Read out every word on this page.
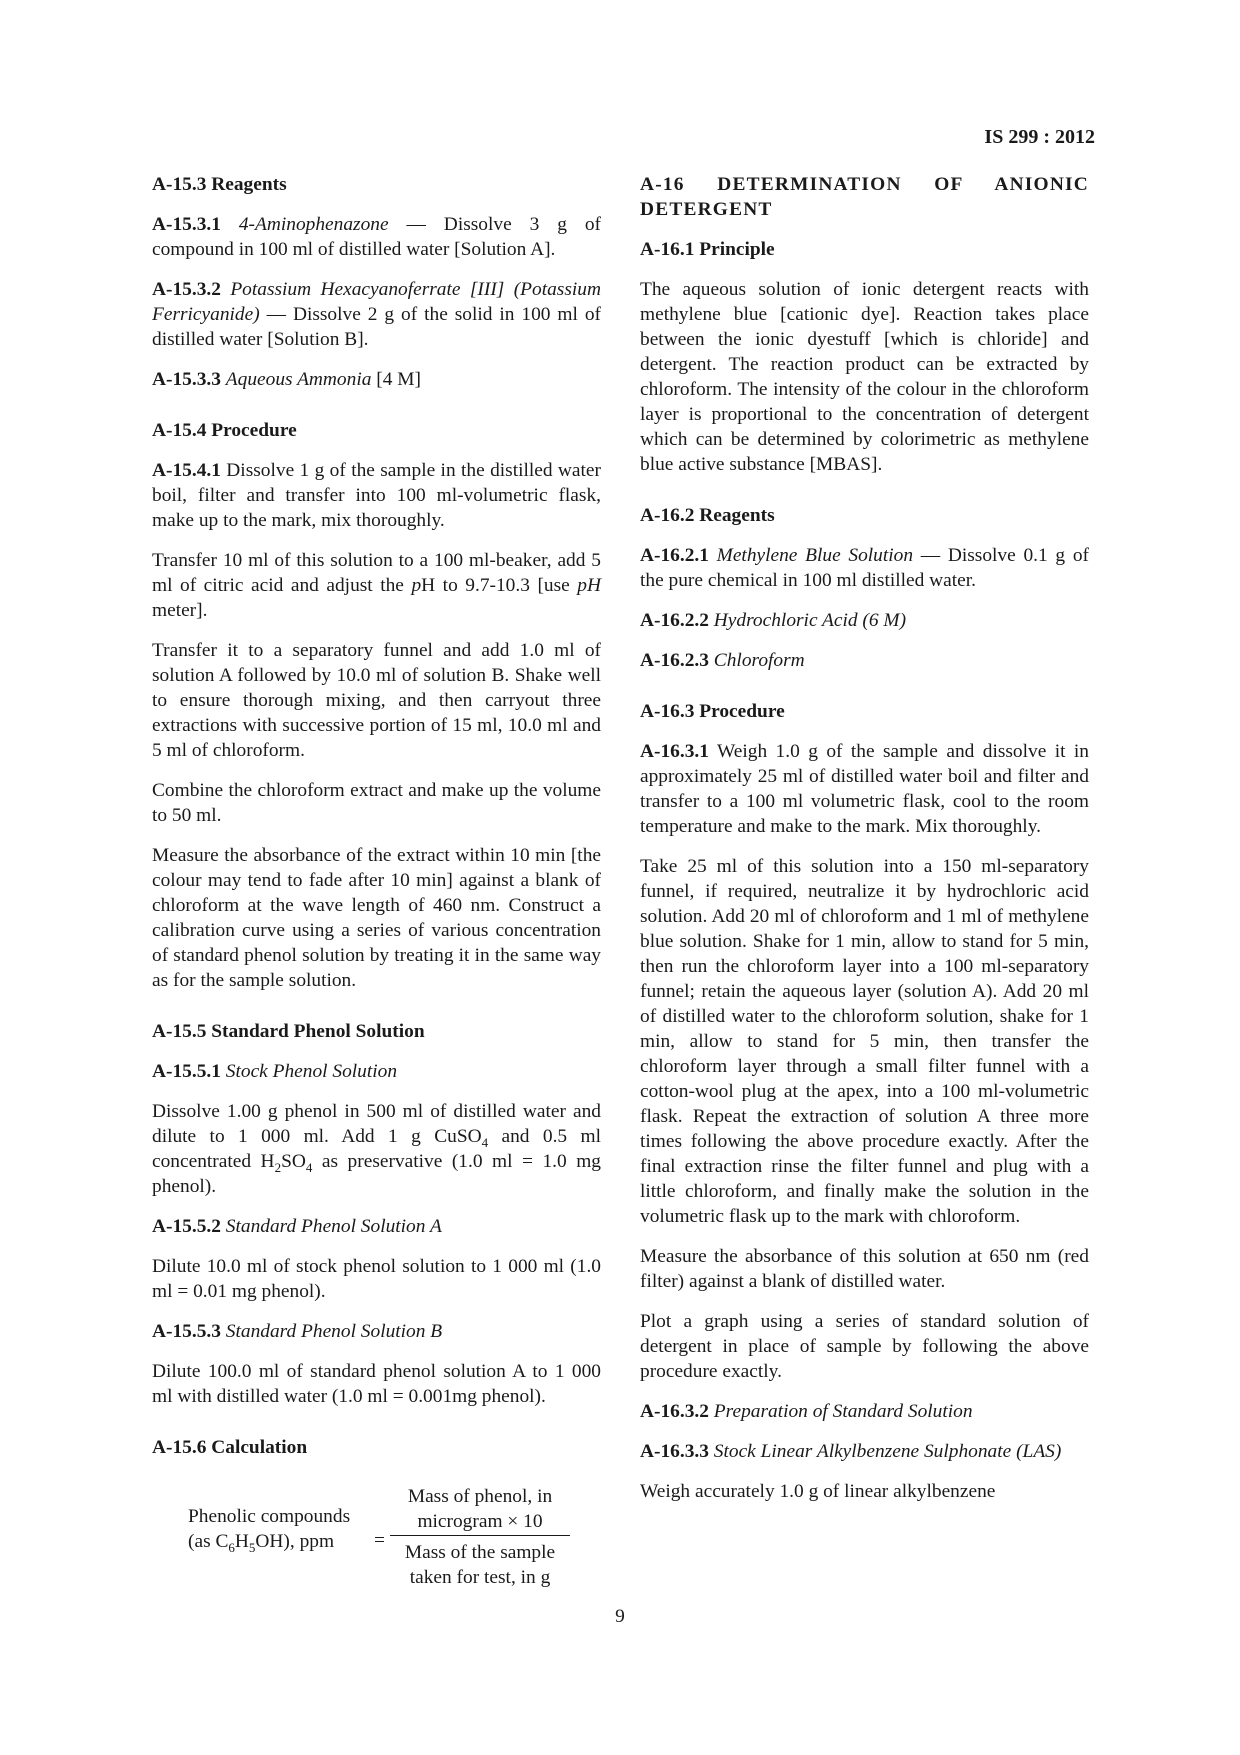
IS 299 : 2012
A-15.3 Reagents

A-15.3.1 4-Aminophenazone — Dissolve 3 g of compound in 100 ml of distilled water [Solution A].

A-15.3.2 Potassium Hexacyanoferrate [III] (Potassium Ferricyanide) — Dissolve 2 g of the solid in 100 ml of distilled water [Solution B].

A-15.3.3 Aqueous Ammonia [4 M]

A-15.4 Procedure

A-15.4.1 Dissolve 1 g of the sample in the distilled water boil, filter and transfer into 100 ml-volumetric flask, make up to the mark, mix thoroughly.

Transfer 10 ml of this solution to a 100 ml-beaker, add 5 ml of citric acid and adjust the pH to 9.7-10.3 [use pH meter].

Transfer it to a separatory funnel and add 1.0 ml of solution A followed by 10.0 ml of solution B. Shake well to ensure thorough mixing, and then carryout three extractions with successive portion of 15 ml, 10.0 ml and 5 ml of chloroform.

Combine the chloroform extract and make up the volume to 50 ml.

Measure the absorbance of the extract within 10 min [the colour may tend to fade after 10 min] against a blank of chloroform at the wave length of 460 nm. Construct a calibration curve using a series of various concentration of standard phenol solution by treating it in the same way as for the sample solution.

A-15.5 Standard Phenol Solution

A-15.5.1 Stock Phenol Solution

Dissolve 1.00 g phenol in 500 ml of distilled water and dilute to 1 000 ml. Add 1 g CuSO$_4$ and 0.5 ml concentrated $H_2SO_4$ as preservative (1.0 ml = 1.0 mg phenol).

A-15.5.2 Standard Phenol Solution A

Dilute 10.0 ml of stock phenol solution to 1 000 ml (1.0 ml = 0.01 mg phenol).

A-15.5.3 Standard Phenol Solution B

Dilute 100.0 ml of standard phenol solution A to 1 000 ml with distilled water (1.0 ml = 0.001mg phenol).

A-15.6 Calculation
Phenolic compounds
(as $C_6H_5OH$), ppm	=
Mass of phenol, in
microgram × 10
Mass of the sample
taken for test, in g
A-16 DETERMINATION OF ANIONIC DETERGENT
A-16.1 Principle

The aqueous solution of ionic detergent reacts with methylene blue [cationic dye]. Reaction takes place between the ionic dyestuff [which is chloride] and detergent. The reaction product can be extracted by chloroform. The intensity of the colour in the chloroform layer is proportional to the concentration of detergent which can be determined by colorimetric as methylene blue active substance [MBAS].

A-16.2 Reagents

A-16.2.1 Methylene Blue Solution — Dissolve 0.1 g of the pure chemical in 100 ml distilled water.

A-16.2.2 Hydrochloric Acid (6 M)

A-16.2.3 Chloroform

A-16.3 Procedure

A-16.3.1 Weigh 1.0 g of the sample and dissolve it in approximately 25 ml of distilled water boil and filter and transfer to a 100 ml volumetric flask, cool to the room temperature and make to the mark. Mix thoroughly.

Take 25 ml of this solution into a 150 ml-separatory funnel, if required, neutralize it by hydrochloric acid solution. Add 20 ml of chloroform and 1 ml of methylene blue solution. Shake for 1 min, allow to stand for 5 min, then run the chloroform layer into a 100 ml-separatory funnel; retain the aqueous layer (solution A). Add 20 ml of distilled water to the chloroform solution, shake for 1 min, allow to stand for 5 min, then transfer the chloroform layer through a small filter funnel with a cotton-wool plug at the apex, into a 100 ml-volumetric flask. Repeat the extraction of solution A three more times following the above procedure exactly. After the final extraction rinse the filter funnel and plug with a little chloroform, and finally make the solution in the volumetric flask up to the mark with chloroform.

Measure the absorbance of this solution at 650 nm (red filter) against a blank of distilled water.

Plot a graph using a series of standard solution of detergent in place of sample by following the above procedure exactly.

A-16.3.2 Preparation of Standard Solution

A-16.3.3 Stock Linear Alkylbenzene Sulphonate (LAS)

Weigh accurately 1.0 g of linear alkylbenzene

9
